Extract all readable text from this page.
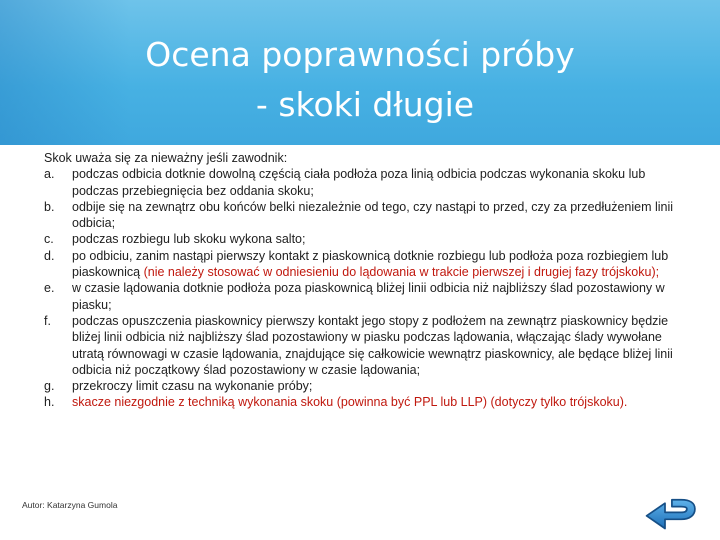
Ocena poprawności próby
- skoki długie

Skok uważa się za nieważny jeśli zawodnik:

a.	podczas odbicia dotknie dowolną częścią ciała podłoża poza linią odbicia podczas wykonania skoku lub podczas przebiegnięcia bez oddania skoku;
b.	odbije się na zewnątrz obu końców belki niezależnie od tego, czy nastąpi to przed, czy za przedłużeniem linii odbicia;
c.	podczas rozbiegu lub skoku wykona salto;
d.	po odbiciu, zanim nastąpi pierwszy kontakt z piaskownicą dotknie rozbiegu lub podłoża poza rozbiegiem lub piaskownicą (nie należy stosować w odniesieniu do lądowania w trakcie pierwszej i drugiej fazy trójskoku);
e.	w czasie lądowania dotknie podłoża poza piaskownicą bliżej linii odbicia niż najbliższy ślad pozostawiony w piasku;
f.	podczas opuszczenia piaskownicy pierwszy kontakt jego stopy z podłożem na zewnątrz piaskownicy będzie bliżej linii odbicia niż najbliższy ślad pozostawiony w piasku podczas lądowania, włączając ślady wywołane utratą równowagi w czasie lądowania, znajdujące się całkowicie wewnątrz piaskownicy, ale będące bliżej linii odbicia niż początkowy ślad pozostawiony w czasie lądowania;
g.	przekroczy limit czasu na wykonanie próby;
h.	skacze niezgodnie z techniką wykonania skoku (powinna być PPL lub LLP) (dotyczy tylko trójskoku).
Autor: Katarzyna Gumola
